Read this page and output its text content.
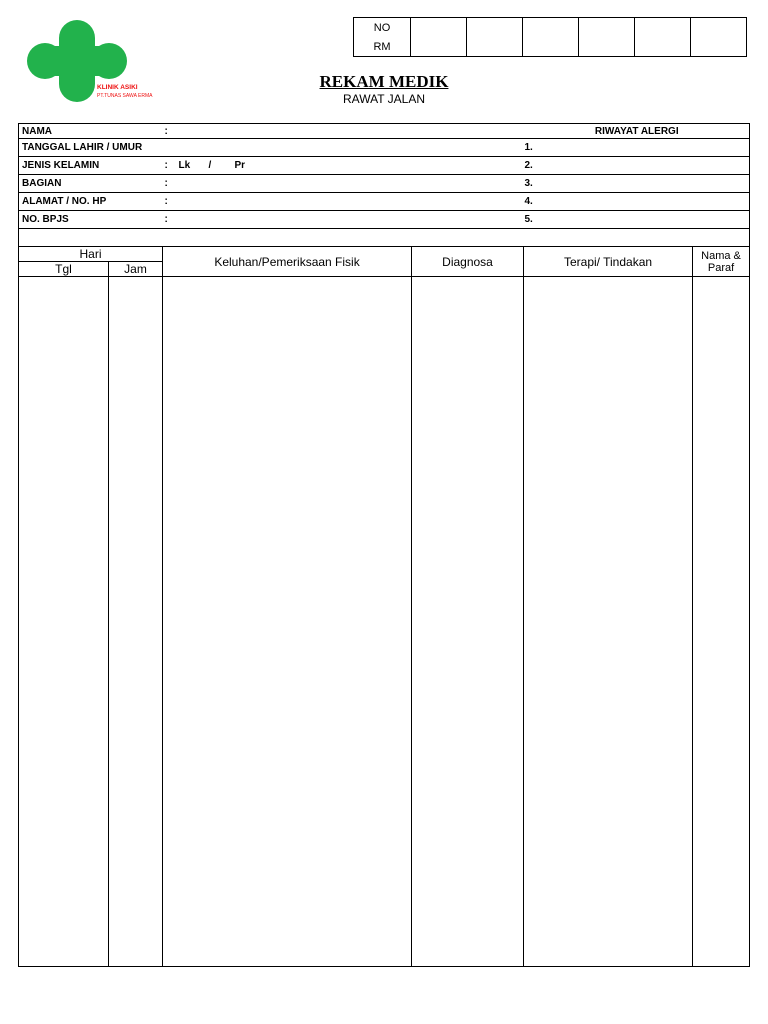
KLINIK ASIKI
PT.TUNAS SAWA ERMA
NO						
RM
REKAM MEDIK
RAWAT JALAN
NAMA	:				RIWAYAT ALERGI
TANGGAL LAHIR / UMUR					1.
JENIS KELAMIN	:	Lk	/	Pr	2.
BAGIAN	:				3.
ALAMAT / NO. HP	:				4.
NO. BPJS	:				5.

Hari		Keluhan/Pemeriksaan Fisik	Diagnosa	Terapi/ Tindakan	Nama &
Paraf

Tgl	Jam				
